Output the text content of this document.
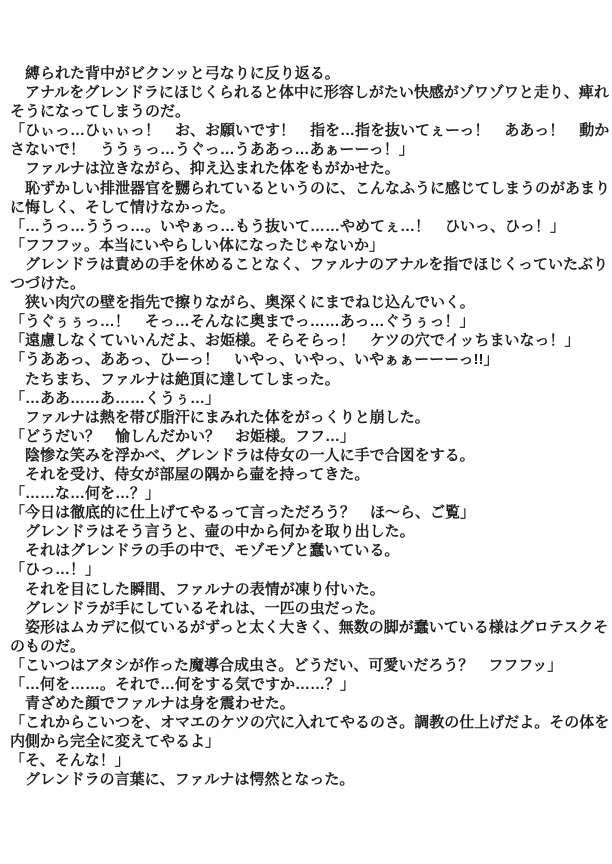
　縛られた背中がビクンッと弓なりに反り返る。
　アナルをグレンドラにほじくられると体中に形容しがたい快感がゾワゾワと走り、痺れ
そうになってしまうのだ。
「ひぃっ…ひぃぃっ！　お、お願いです！　指を…指を抜いてぇーっ！　ああっ！　動か
さないで！　ううぅっ…うぐっ…うああっ…あぁーーっ！」
　ファルナは泣きながら、抑え込まれた体をもがかせた。
　恥ずかしい排泄器官を嬲られているというのに、こんなふうに感じてしまうのがあまり
に悔しく、そして情けなかった。
「…うっ…ううっ…。いやぁっ…もう抜いて……やめてぇ…！　ひいっ、ひっ！」
「フフフッ。本当にいやらしい体になったじゃないか」
　グレンドラは責めの手を休めることなく、ファルナのアナルを指でほじくっていたぶり
つづけた。
　狭い肉穴の壁を指先で擦りながら、奥深くにまでねじ込んでいく。
「うぐぅぅっ…！　そっ…そんなに奥までっ……あっ…ぐうぅっ！」
「遠慮しなくていいんだよ、お姫様。そらそらっ！　ケツの穴でイッちまいなっ！」
「うああっ、ああっ、ひーっ！　いやっ、いやっ、いやぁぁーーーっ!!」
　たちまち、ファルナは絶頂に達してしまった。
「…ああ……あ……くうぅ…」
　ファルナは熱を帯び脂汗にまみれた体をがっくりと崩した。
「どうだい？　愉しんだかい？　お姫様。フフ…」
　陰惨な笑みを浮かべ、グレンドラは侍女の一人に手で合図をする。
　それを受け、侍女が部屋の隅から壷を持ってきた。
「……な…何を…？」
「今日は徹底的に仕上げてやるって言っただろう？　ほ〜ら、ご覧」
　グレンドラはそう言うと、壷の中から何かを取り出した。
　それはグレンドラの手の中で、モゾモゾと蠢いている。
「ひっ…！」
　それを目にした瞬間、ファルナの表情が凍り付いた。
　グレンドラが手にしているそれは、一匹の虫だった。
　姿形はムカデに似ているがずっと太く大きく、無数の脚が蠢いている様はグロテスクそ
のものだ。
「こいつはアタシが作った魔導合成虫さ。どうだい、可愛いだろう？　フフフッ」
「…何を……。それで…何をする気ですか……？」
　青ざめた顔でファルナは身を震わせた。
「これからこいつを、オマエのケツの穴に入れてやるのさ。調教の仕上げだよ。その体を
内側から完全に変えてやるよ」
「そ、そんな！」
　グレンドラの言葉に、ファルナは愕然となった。
